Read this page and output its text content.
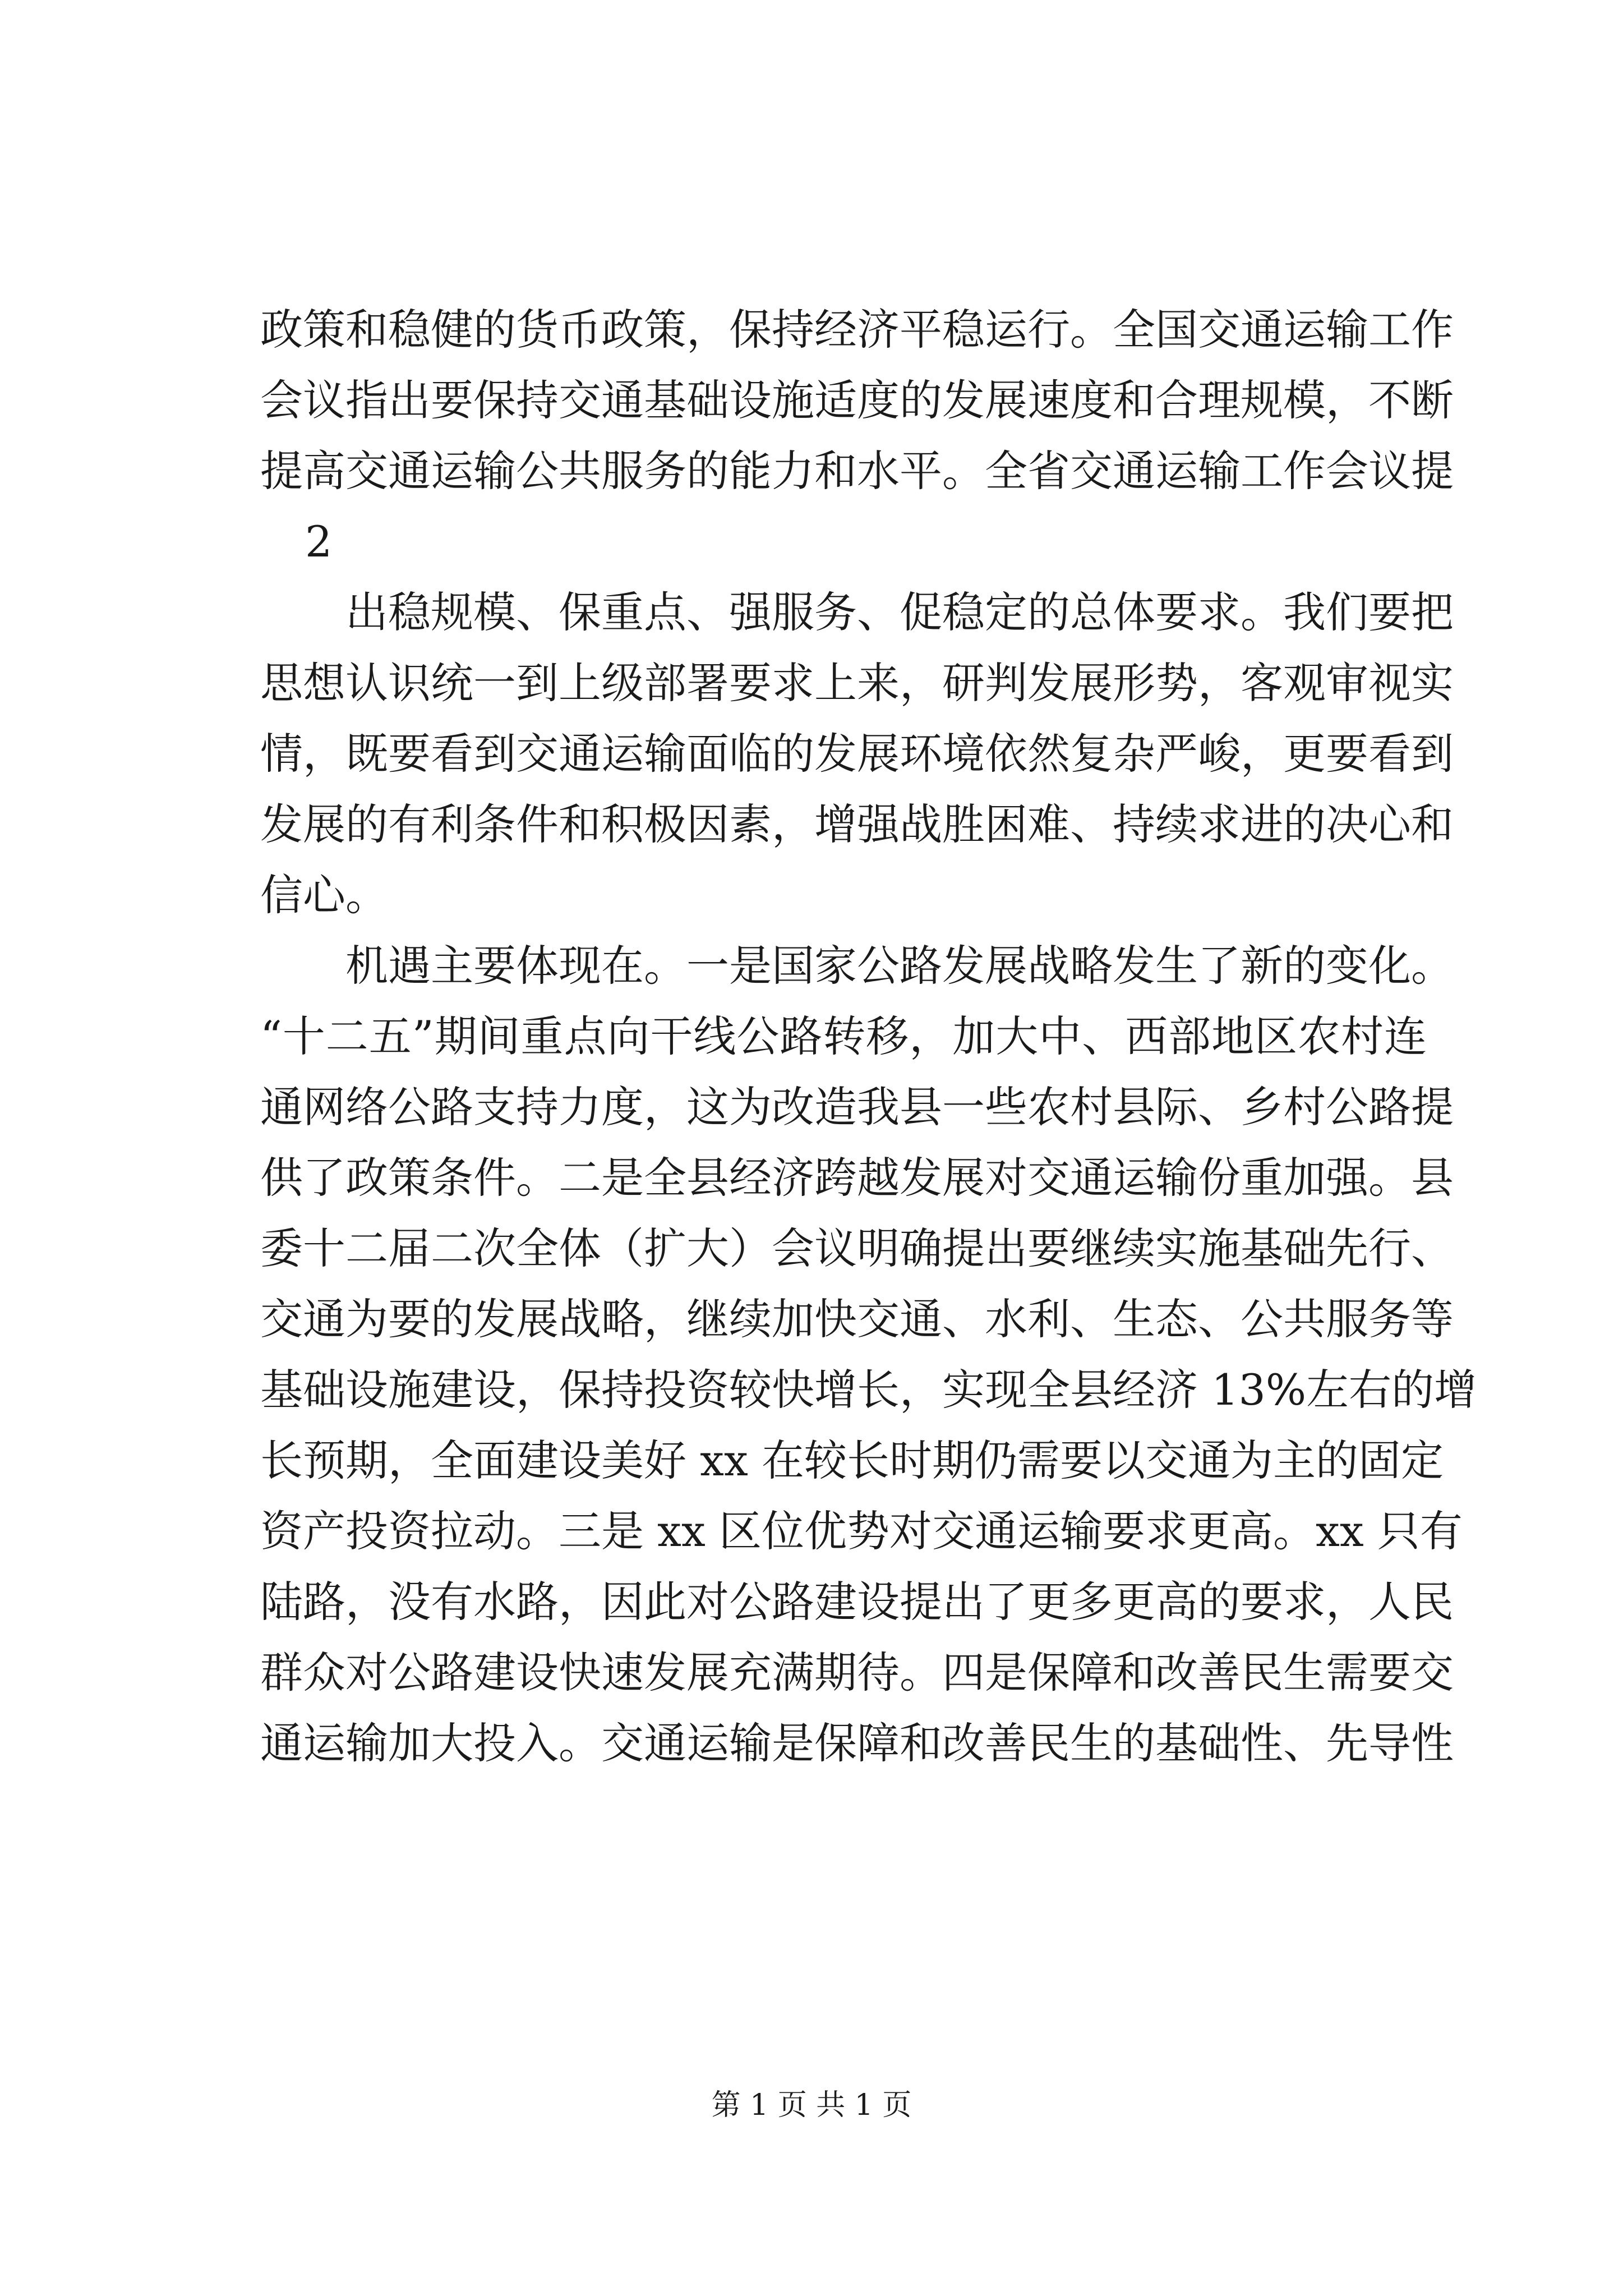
政策和稳健的货币政策，保持经济平稳运行。全国交通运输工作
会议指出要保持交通基础设施适度的发展速度和合理规模，不断
提高交通运输公共服务的能力和水平。全省交通运输工作会议提
2
出稳规模、保重点、强服务、促稳定的总体要求。我们要把
思想认识统一到上级部署要求上来，研判发展形势，客观审视实
情，既要看到交通运输面临的发展环境依然复杂严峻，更要看到
发展的有利条件和积极因素，增强战胜困难、持续求进的决心和
信心。
机遇主要体现在。一是国家公路发展战略发生了新的变化。
“十二五”期间重点向干线公路转移，加大中、西部地区农村连
通网络公路支持力度，这为改造我县一些农村县际、乡村公路提
供了政策条件。二是全县经济跨越发展对交通运输份重加强。县
委十二届二次全体（扩大）会议明确提出要继续实施基础先行、
交通为要的发展战略，继续加快交通、水利、生态、公共服务等
基础设施建设，保持投资较快增长，实现全县经济 13%左右的增
长预期，全面建设美好 xx 在较长时期仍需要以交通为主的固定
资产投资拉动。三是 xx 区位优势对交通运输要求更高。xx 只有
陆路，没有水路，因此对公路建设提出了更多更高的要求，人民
群众对公路建设快速发展充满期待。四是保障和改善民生需要交
通运输加大投入。交通运输是保障和改善民生的基础性、先导性
第 1 页 共 1 页
